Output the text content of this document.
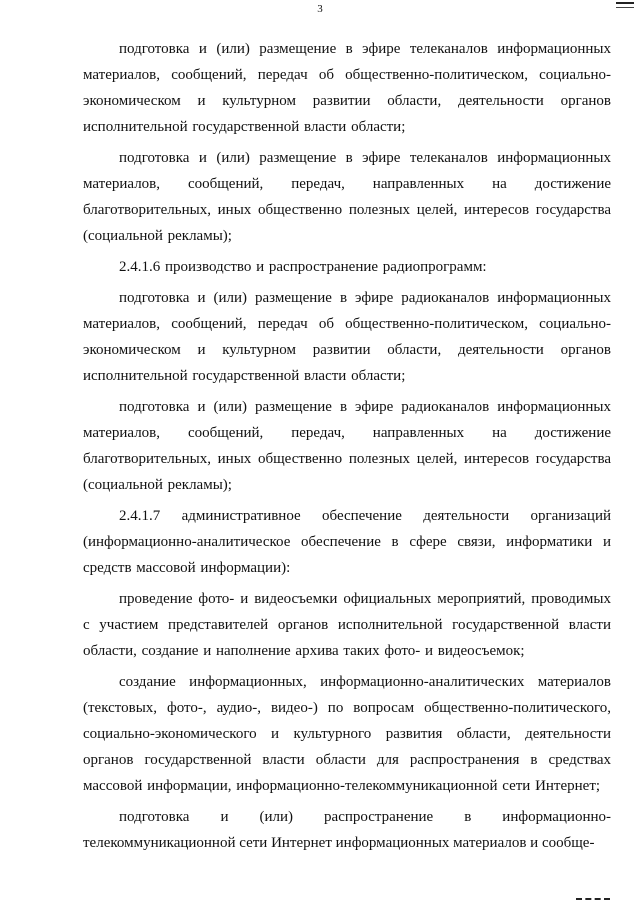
3

подготовка и (или) размещение в эфире телеканалов информационных материалов, сообщений, передач об общественно-политическом, социально-экономическом и культурном развитии области, деятельности органов исполнительной государственной власти области;

подготовка и (или) размещение в эфире телеканалов информационных материалов, сообщений, передач, направленных на достижение благотворительных, иных общественно полезных целей, интересов государства (социальной рекламы);

2.4.1.6 производство и распространение радиопрограмм:

подготовка и (или) размещение в эфире радиоканалов информационных материалов, сообщений, передач об общественно-политическом, социально-экономическом и культурном развитии области, деятельности органов исполнительной государственной власти области;

подготовка и (или) размещение в эфире радиоканалов информационных материалов, сообщений, передач, направленных на достижение благотворительных, иных общественно полезных целей, интересов государства (социальной рекламы);

2.4.1.7 административное обеспечение деятельности организаций (информационно-аналитическое обеспечение в сфере связи, информатики и средств массовой информации):

проведение фото- и видеосъемки официальных мероприятий, проводимых с участием представителей органов исполнительной государственной власти области, создание и наполнение архива таких фото- и видеосъемок;

создание информационных, информационно-аналитических материалов (текстовых, фото-, аудио-, видео-) по вопросам общественно-политического, социально-экономического и культурного развития области, деятельности органов государственной власти области для распространения в средствах массовой информации, информационно-телекоммуникационной сети Интернет;

подготовка и (или) распространение в информационно-

телекоммуникационной сети Интернет информационных материалов и сообще-
